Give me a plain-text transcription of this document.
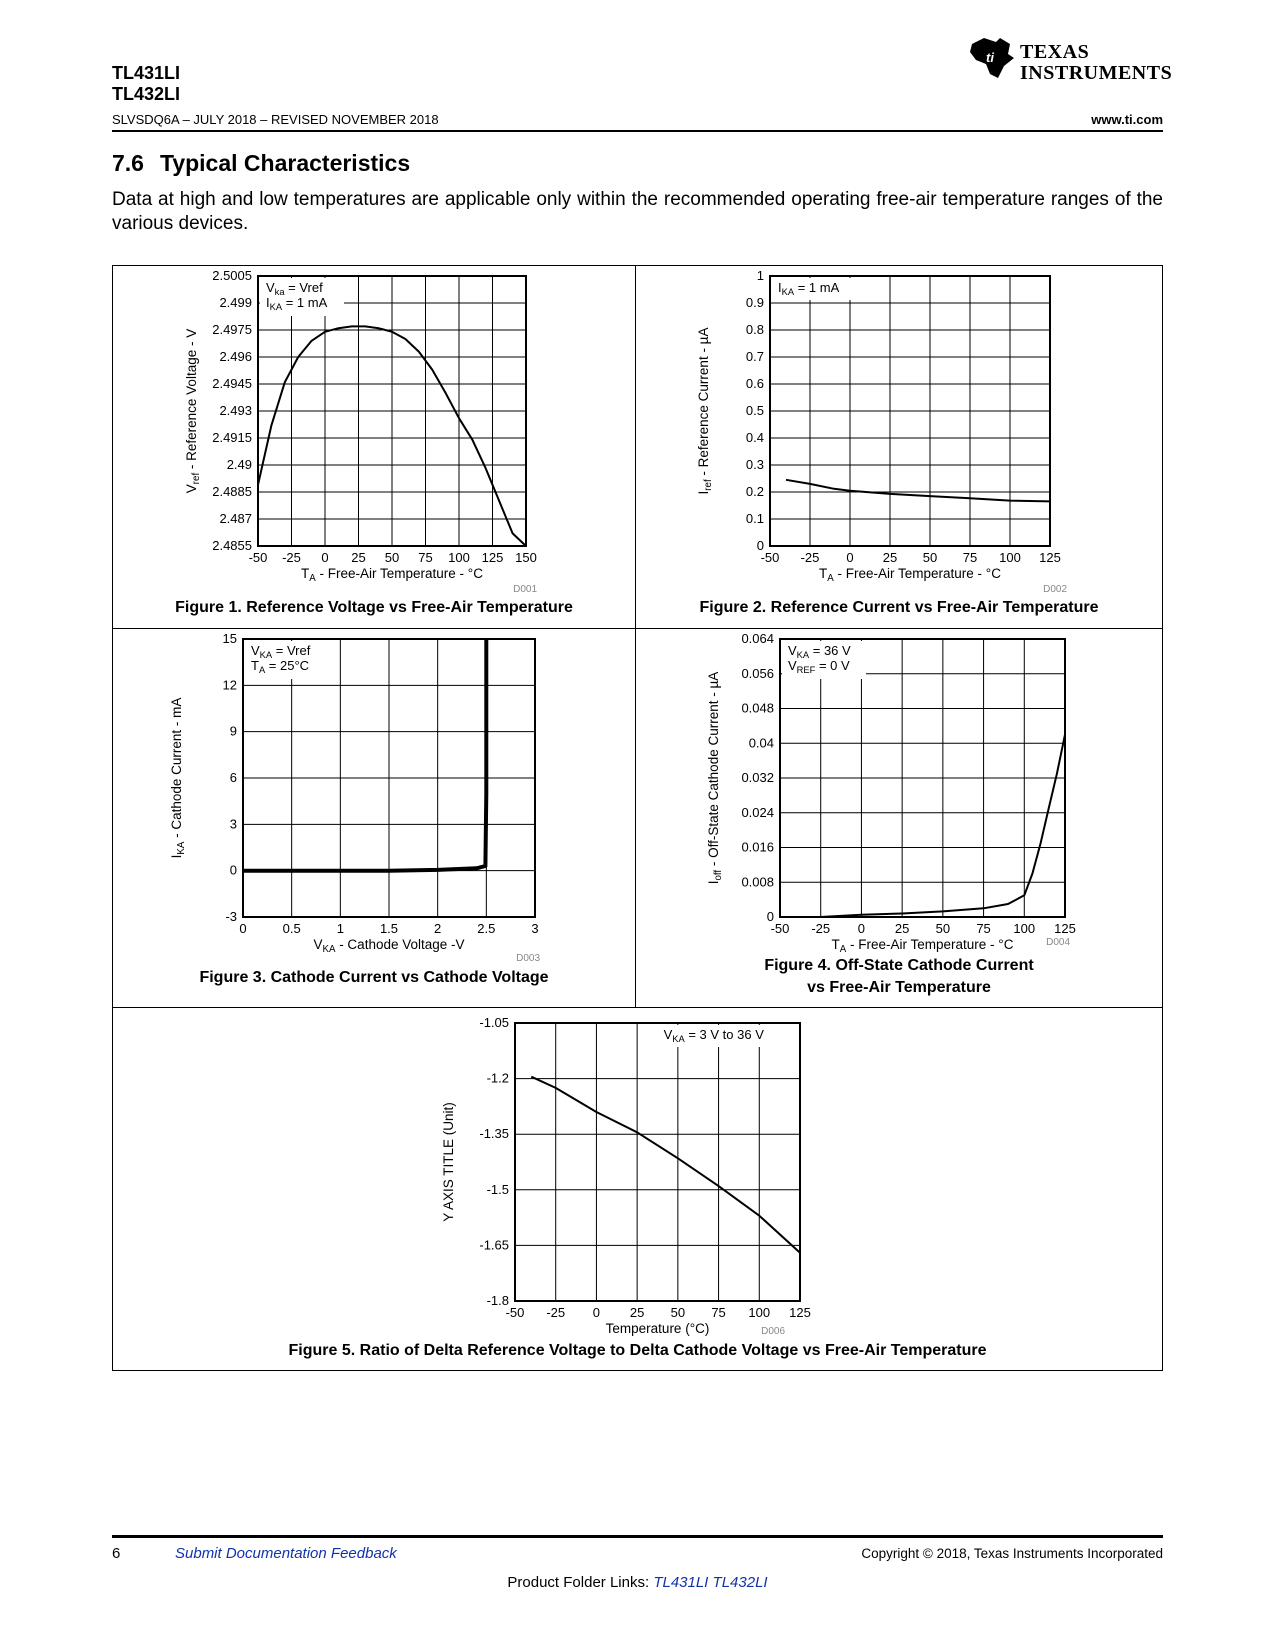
TL431LI
TL432LI
SLVSDQ6A – JULY 2018 – REVISED NOVEMBER 2018	www.ti.com
ti TEXAS
INSTRUMENTS
7.6 Typical Characteristics
Data at high and low temperatures are applicable only within the recommended operating free-air temperature ranges of the various devices.
-50 -25 0 25 50 75 100 125 150
2.4855
2.487
2.4885
2.49
2.4915
2.493
2.4945
2.496
2.4975
2.499
2.5005
$V_{ka}$ = Vref
$I_{KA} = 1$ mA
$T_A$ - Free-Air Temperature - °C
$V_{ref}$ - Reference Voltage - V
D001
-50 -25 0 25 50 75 100 125
0
0.1
0.2
0.3
0.4
0.5
0.6
0.7
0.8
0.9
1
$I_{KA} = 1$ mA
$T_A$ - Free-Air Temperature - °C
$I_{ref}$ - Reference Current - µA
D002
0	0.5	1	1.5	2	2.5	3
-3
0
3
6
9
12
15
$V_{KA}$ = Vref
$T_A = 25^\circ C$
$V_{KA}$ - Cathode Voltage -V
$I_{KA}$ - Cathode Current - mA
D003
-50 -25 0 25 50 75 100 125
0
0.008
0.016
0.024
0.032
0.04
0.048
0.056
0.064
$V_{KA} = 36$ V
$V_{REF} = 0$ V
$T_A$ - Free-Air Temperature - °C
$I_{off}$ - Off-State Cathode Current - µA
D004
-50 -25 0 25 50 75 100 125
-1.8
-1.65
-1.5
-1.35
-1.2
-1.05
$V_{KA} = 3$ V to 36 V
Temperature (°C)
Y AXIS TITLE (Unit)
D006
Figure 1. Reference Voltage vs Free-Air Temperature	Figure 2. Reference Current vs Free-Air Temperature
Figure 3. Cathode Current vs Cathode Voltage
Figure 4. Off-State Cathode Current
vs Free-Air Temperature
Figure 5. Ratio of Delta Reference Voltage to Delta Cathode Voltage vs Free-Air Temperature
6	Submit Documentation Feedback	Copyright © 2018, Texas Instruments Incorporated
Product Folder Links: TL431LI TL432LI
